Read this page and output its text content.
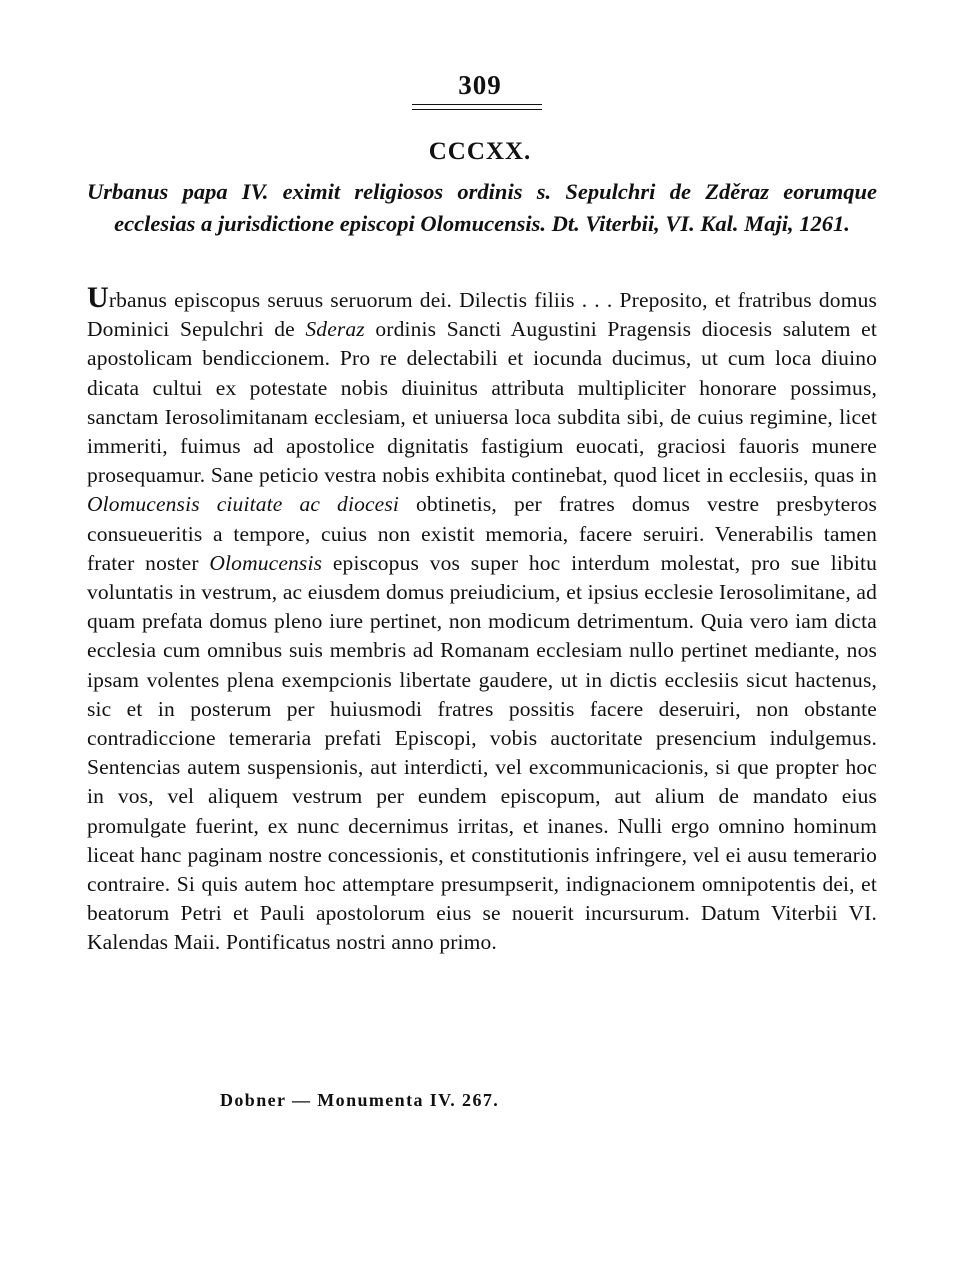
309
CCCXX.
Urbanus papa IV. eximit religiosos ordinis s. Sepulchri de Zděraz eorumque ecclesias a jurisdictione episcopi Olomucensis. Dt. Viterbii, VI. Kal. Maji, 1261.
Urbanus episcopus seruus seruorum dei. Dilectis filiis . . . Preposito, et fratribus domus Dominici Sepulchri de Sderaz ordinis Sancti Augustini Pragensis diocesis salutem et apostolicam bendiccionem. Pro re delectabili et iocunda ducimus, ut cum loca diuino dicata cultui ex potestate nobis diuinitus attributa multipliciter honorare possimus, sanctam Ierosolimitanam ecclesiam, et uniuersa loca subdita sibi, de cuius regimine, licet immeriti, fuimus ad apostolice dignitatis fastigium euocati, graciosi fauoris munere prosequamur. Sane peticio vestra nobis exhibita continebat, quod licet in ecclesiis, quas in Olomucensis ciuitate ac diocesi obtinetis, per fratres domus vestre presbyteros consueueritis a tempore, cuius non existit memoria, facere seruiri. Venerabilis tamen frater noster Olomucensis episcopus vos super hoc interdum molestat, pro sue libitu voluntatis in vestrum, ac eiusdem domus preiudicium, et ipsius ecclesie Ierosolimitane, ad quam prefata domus pleno iure pertinet, non modicum detrimentum. Quia vero iam dicta ecclesia cum omnibus suis membris ad Romanam ecclesiam nullo pertinet mediante, nos ipsam volentes plena exempcionis libertate gaudere, ut in dictis ecclesiis sicut hactenus, sic et in posterum per huiusmodi fratres possitis facere deseruiri, non obstante contradiccione temeraria prefati Episcopi, vobis auctoritate presencium indulgemus. Sentencias autem suspensionis, aut interdicti, vel excommunicacionis, si que propter hoc in vos, vel aliquem vestrum per eundem episcopum, aut alium de mandato eius promulgate fuerint, ex nunc decernimus irritas, et inanes. Nulli ergo omnino hominum liceat hanc paginam nostre concessionis, et constitutionis infringere, vel ei ausu temerario contraire. Si quis autem hoc attemptare presumpserit, indignacionem omnipotentis dei, et beatorum Petri et Pauli apostolorum eius se nouerit incursurum. Datum Viterbii VI. Kalendas Maii. Pontificatus nostri anno primo.
Dobner — Monumenta IV. 267.
